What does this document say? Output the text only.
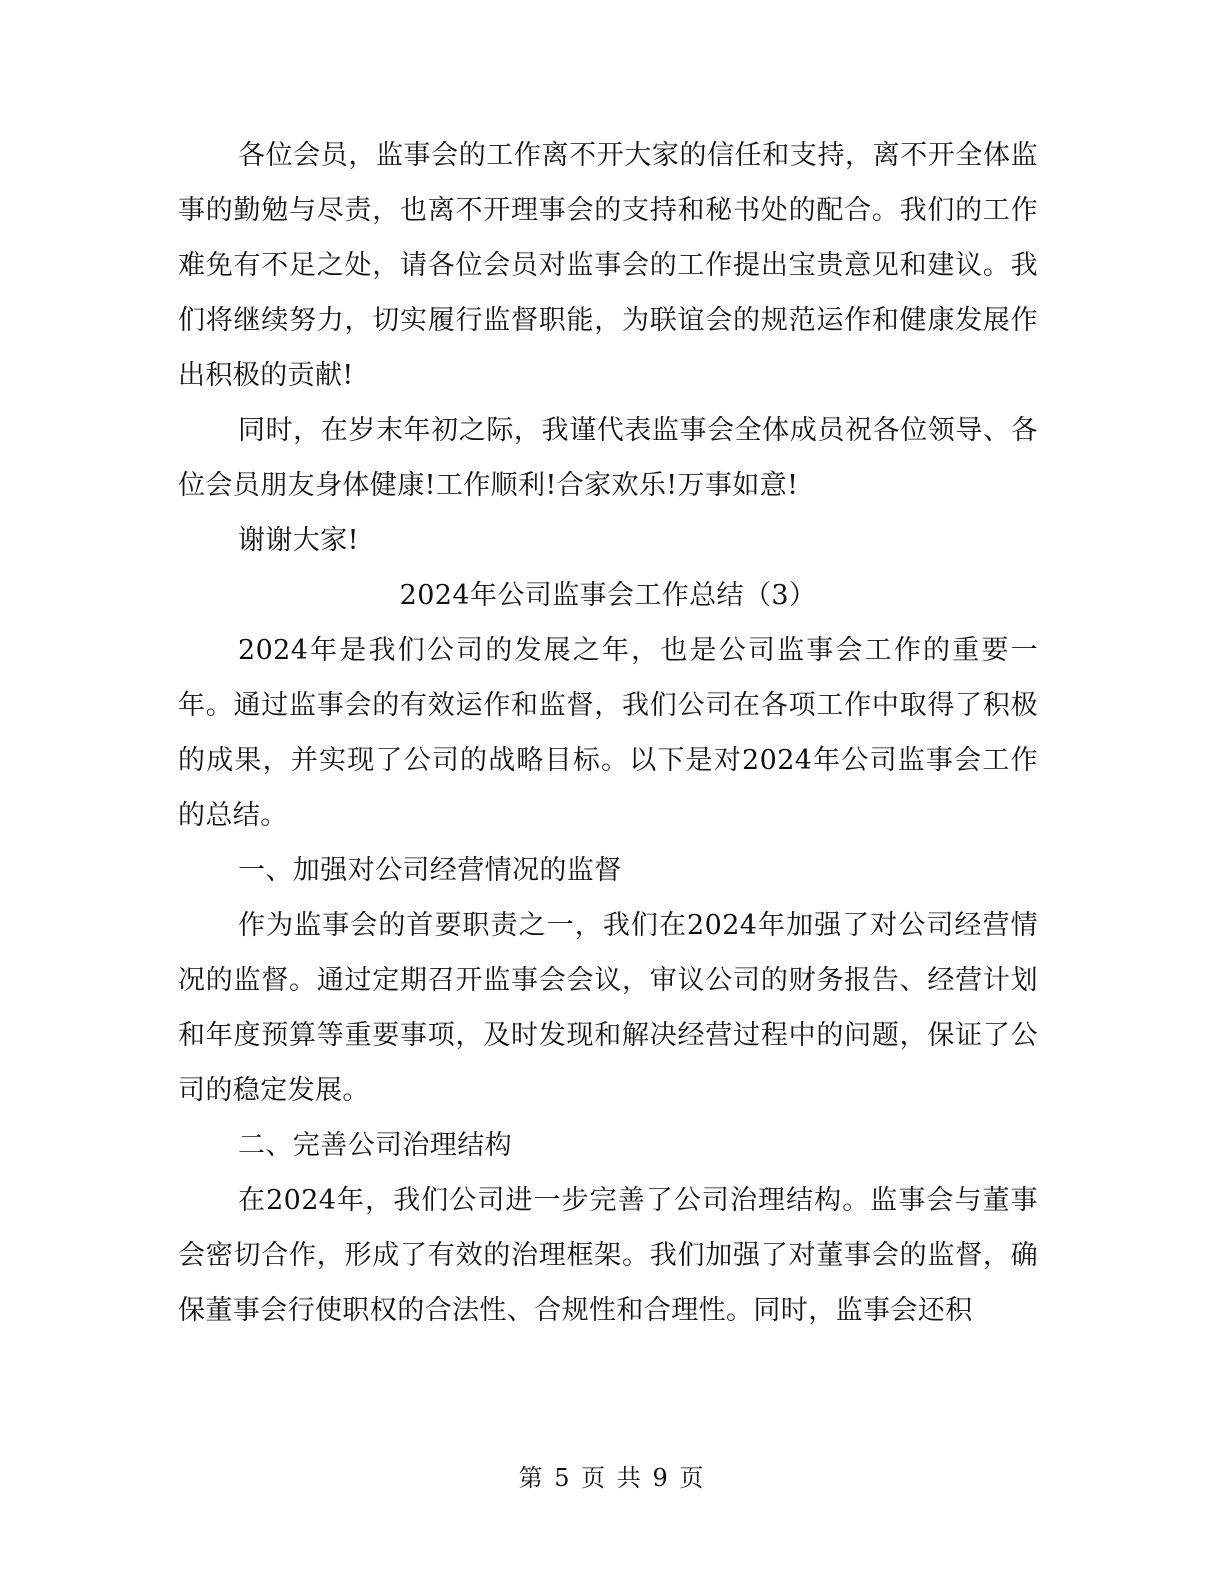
各位会员，监事会的工作离不开大家的信任和支持，离不开全体监事的勤勉与尽责，也离不开理事会的支持和秘书处的配合。我们的工作难免有不足之处，请各位会员对监事会的工作提出宝贵意见和建议。我们将继续努力，切实履行监督职能，为联谊会的规范运作和健康发展作出积极的贡献!

同时，在岁末年初之际，我谨代表监事会全体成员祝各位领导、各位会员朋友身体健康!工作顺利!合家欢乐!万事如意!

谢谢大家!

2024年公司监事会工作总结（3）

2024年是我们公司的发展之年，也是公司监事会工作的重要一年。通过监事会的有效运作和监督，我们公司在各项工作中取得了积极的成果，并实现了公司的战略目标。以下是对2024年公司监事会工作的总结。

一、加强对公司经营情况的监督

作为监事会的首要职责之一，我们在2024年加强了对公司经营情况的监督。通过定期召开监事会会议，审议公司的财务报告、经营计划和年度预算等重要事项，及时发现和解决经营过程中的问题，保证了公司的稳定发展。

二、完善公司治理结构

在2024年，我们公司进一步完善了公司治理结构。监事会与董事会密切合作，形成了有效的治理框架。我们加强了对董事会的监督，确保董事会行使职权的合法性、合规性和合理性。同时，监事会还积

第 5 页 共 9 页
